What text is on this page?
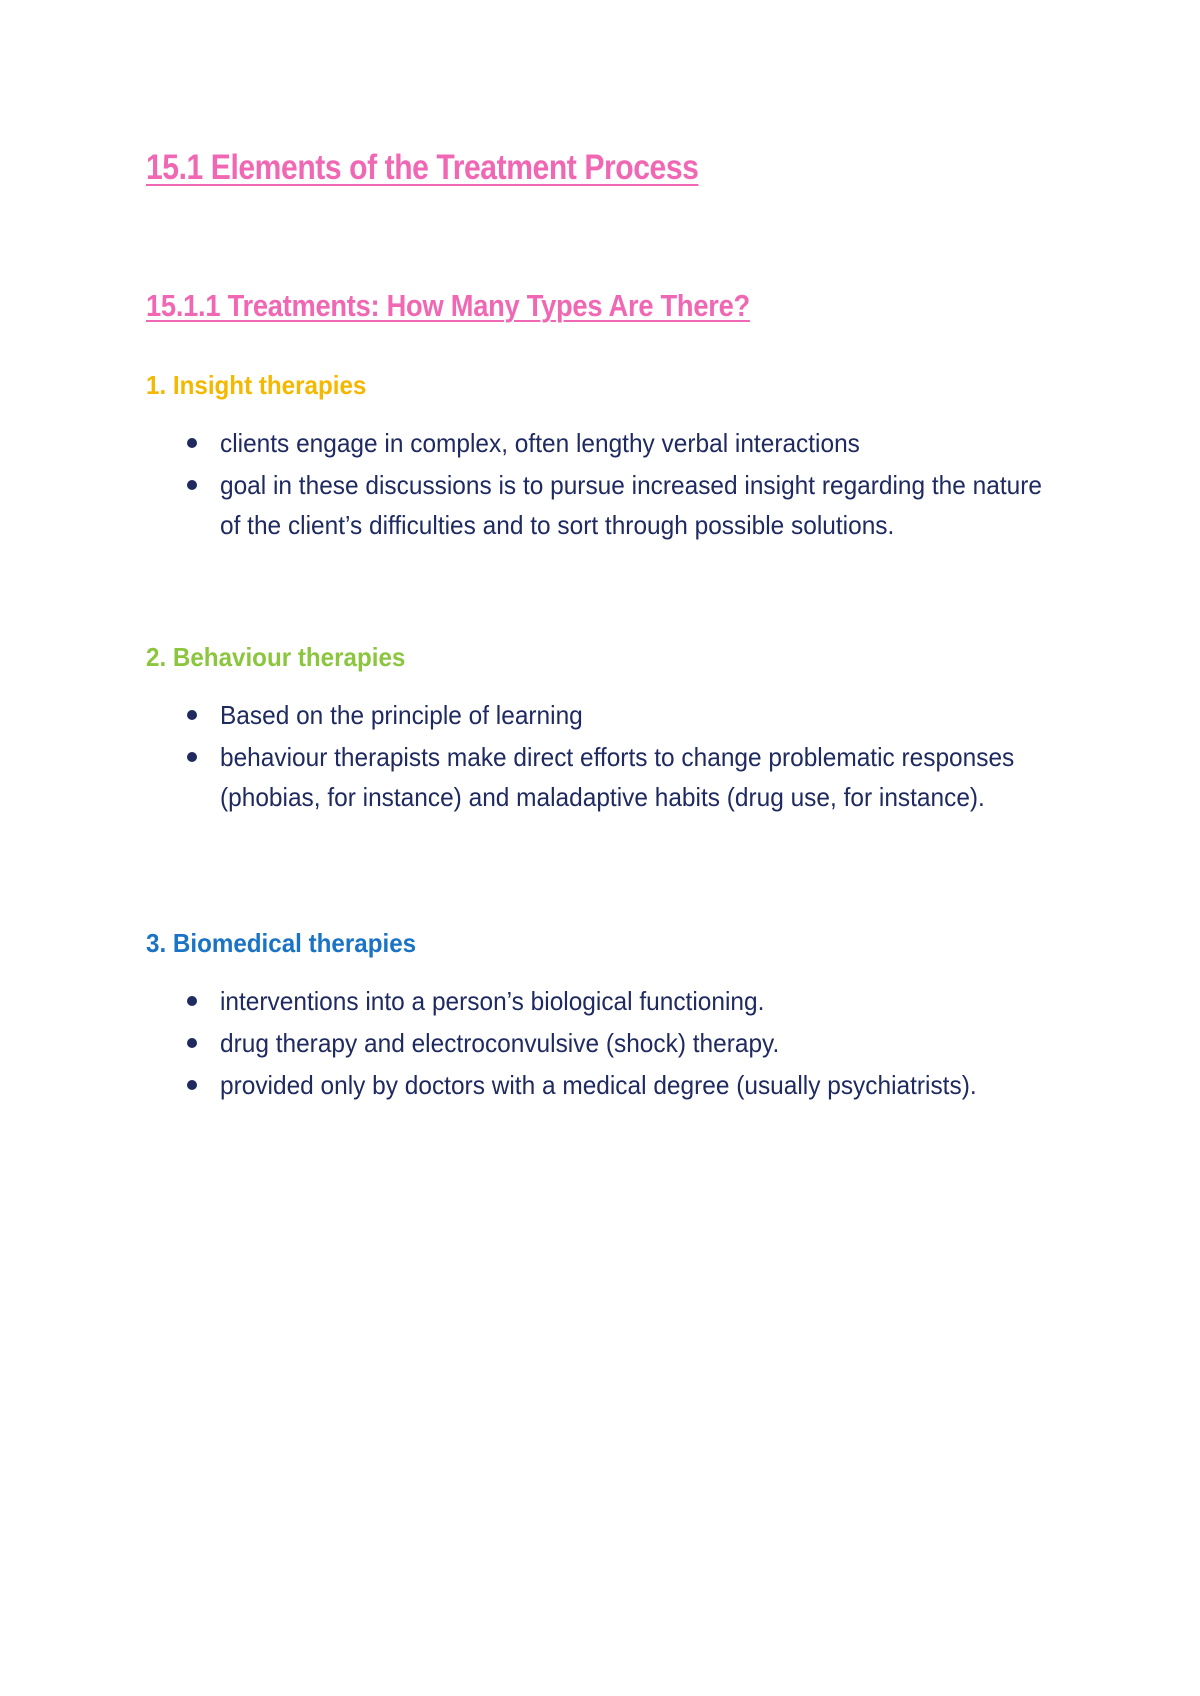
15.1 Elements of the Treatment Process
15.1.1 Treatments: How Many Types Are There?
1. Insight therapies
clients engage in complex, often lengthy verbal interactions
goal in these discussions is to pursue increased insight regarding the nature of the client’s difficulties and to sort through possible solutions.
2. Behaviour therapies
Based on the principle of learning
behaviour therapists make direct efforts to change problematic responses (phobias, for instance) and maladaptive habits (drug use, for instance).
3. Biomedical therapies
interventions into a person’s biological functioning.
drug therapy and electroconvulsive (shock) therapy.
provided only by doctors with a medical degree (usually psychiatrists).
